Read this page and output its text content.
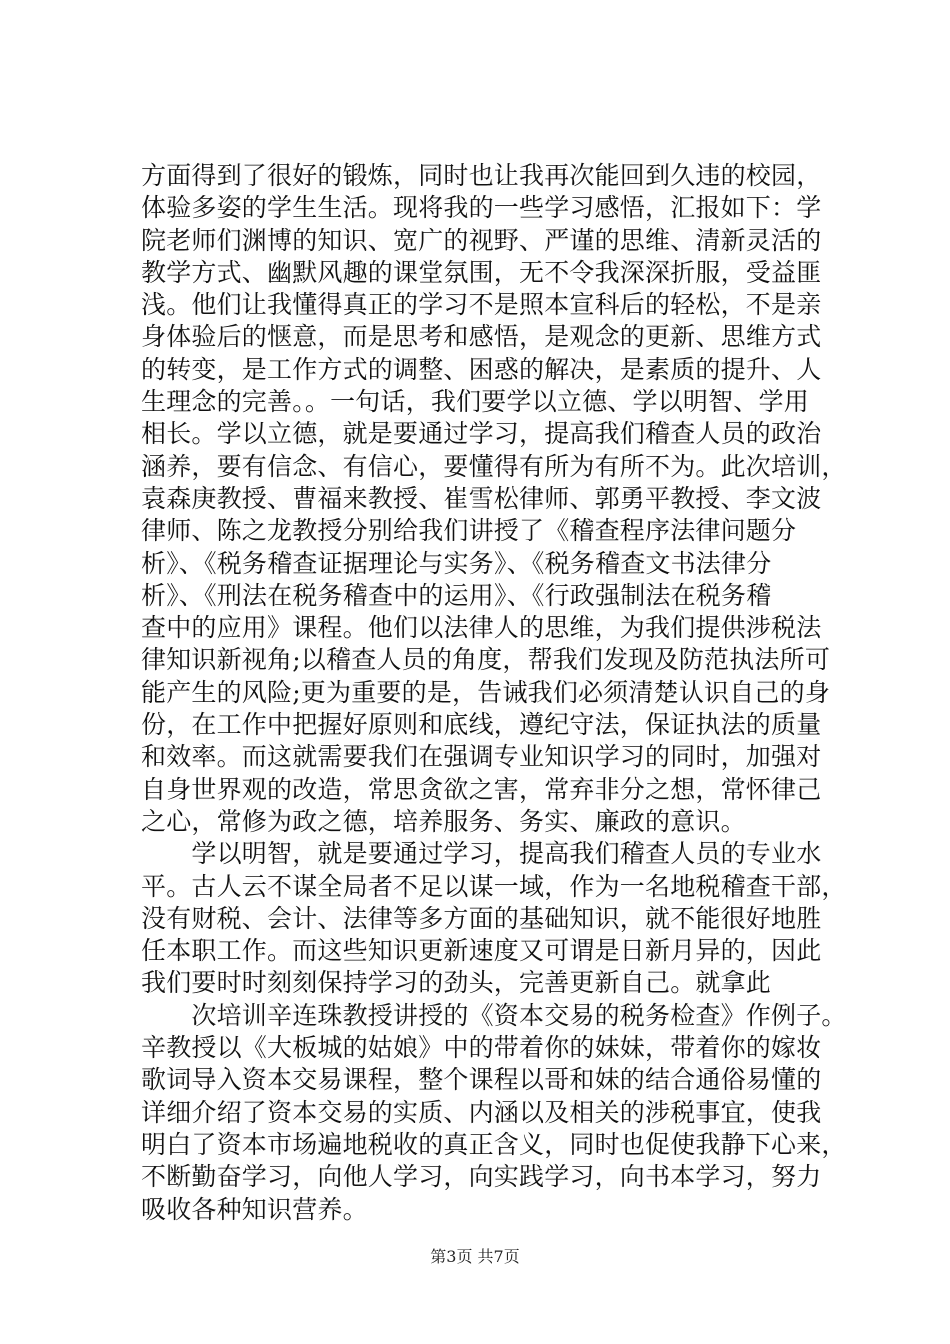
方面得到了很好的锻炼，同时也让我再次能回到久违的校园，
体验多姿的学生生活。现将我的一些学习感悟，汇报如下：学
院老师们渊博的知识、宽广的视野、严谨的思维、清新灵活的
教学方式、幽默风趣的课堂氛围，无不令我深深折服，受益匪
浅。他们让我懂得真正的学习不是照本宣科后的轻松，不是亲
身体验后的惬意，而是思考和感悟，是观念的更新、思维方式
的转变，是工作方式的调整、困惑的解决，是素质的提升、人
生理念的完善。。一句话，我们要学以立德、学以明智、学用
相长。学以立德，就是要通过学习，提高我们稽查人员的政治
涵养，要有信念、有信心，要懂得有所为有所不为。此次培训，
袁森庚教授、曹福来教授、崔雪松律师、郭勇平教授、李文波
律师、陈之龙教授分别给我们讲授了《稽查程序法律问题分
析》、《税务稽查证据理论与实务》、《税务稽查文书法律分
析》、《刑法在税务稽查中的运用》、《行政强制法在税务稽
查中的应用》课程。他们以法律人的思维，为我们提供涉税法
律知识新视角;以稽查人员的角度，帮我们发现及防范执法所可
能产生的风险;更为重要的是，告诫我们必须清楚认识自己的身
份，在工作中把握好原则和底线，遵纪守法，保证执法的质量
和效率。而这就需要我们在强调专业知识学习的同时，加强对
自身世界观的改造，常思贪欲之害，常弃非分之想，常怀律己
之心，常修为政之德，培养服务、务实、廉政的意识。
　　学以明智，就是要通过学习，提高我们稽查人员的专业水
平。古人云不谋全局者不足以谋一域，作为一名地税稽查干部，
没有财税、会计、法律等多方面的基础知识，就不能很好地胜
任本职工作。而这些知识更新速度又可谓是日新月异的，因此
我们要时时刻刻保持学习的劲头，完善更新自己。就拿此
　　次培训辛连珠教授讲授的《资本交易的税务检查》作例子。
辛教授以《大板城的姑娘》中的带着你的妹妹，带着你的嫁妆
歌词导入资本交易课程，整个课程以哥和妹的结合通俗易懂的
详细介绍了资本交易的实质、内涵以及相关的涉税事宜，使我
明白了资本市场遍地税收的真正含义，同时也促使我静下心来，
不断勤奋学习，向他人学习，向实践学习，向书本学习，努力
吸收各种知识营养。
第3页 共7页
